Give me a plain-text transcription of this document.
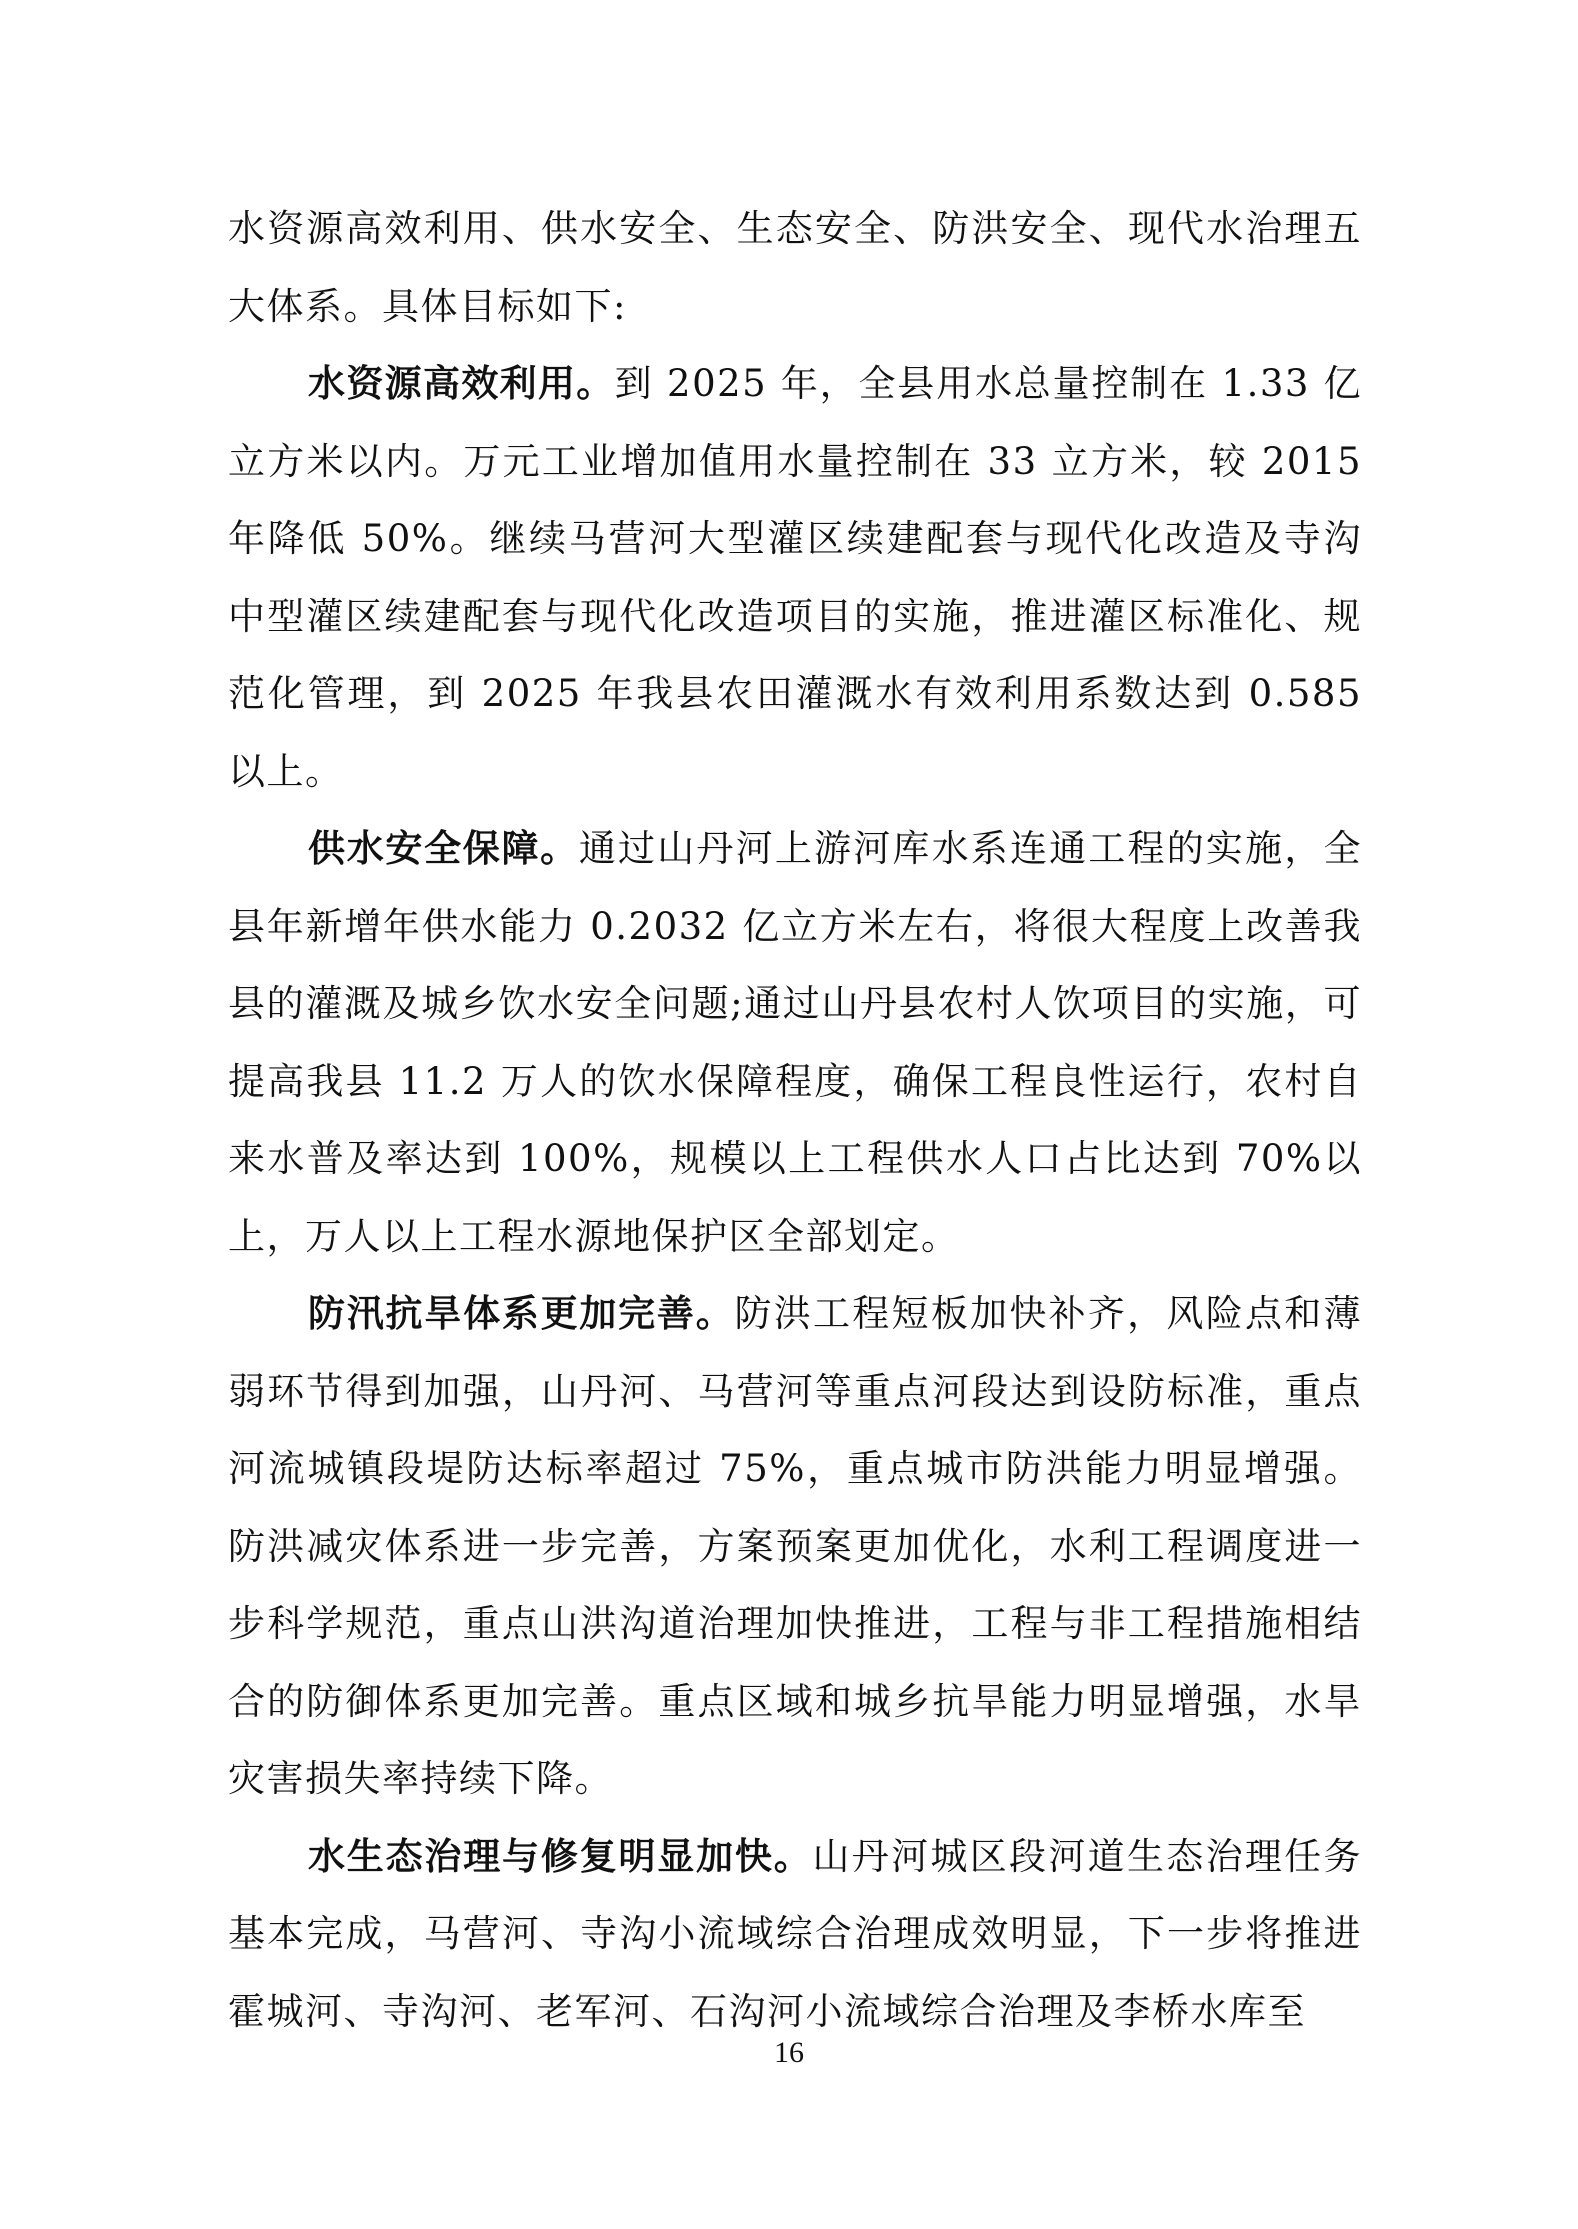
水资源高效利用、供水安全、生态安全、防洪安全、现代水治理五大体系。具体目标如下:

水资源高效利用。到 2025 年，全县用水总量控制在 1.33 亿立方米以内。万元工业增加值用水量控制在 33 立方米，较 2015 年降低 50%。继续马营河大型灌区续建配套与现代化改造及寺沟中型灌区续建配套与现代化改造项目的实施，推进灌区标准化、规范化管理，到 2025 年我县农田灌溉水有效利用系数达到 0.585 以上。

供水安全保障。通过山丹河上游河库水系连通工程的实施，全县年新增年供水能力 0.2032 亿立方米左右，将很大程度上改善我县的灌溉及城乡饮水安全问题;通过山丹县农村人饮项目的实施，可提高我县 11.2 万人的饮水保障程度，确保工程良性运行，农村自来水普及率达到 100%，规模以上工程供水人口占比达到 70%以上，万人以上工程水源地保护区全部划定。

防汛抗旱体系更加完善。防洪工程短板加快补齐，风险点和薄弱环节得到加强，山丹河、马营河等重点河段达到设防标准，重点河流城镇段堤防达标率超过 75%，重点城市防洪能力明显增强。防洪减灾体系进一步完善，方案预案更加优化，水利工程调度进一步科学规范，重点山洪沟道治理加快推进，工程与非工程措施相结合的防御体系更加完善。重点区域和城乡抗旱能力明显增强，水旱灾害损失率持续下降。

水生态治理与修复明显加快。山丹河城区段河道生态治理任务基本完成，马营河、寺沟小流域综合治理成效明显，下一步将推进霍城河、寺沟河、老军河、石沟河小流域综合治理及李桥水库至

16
